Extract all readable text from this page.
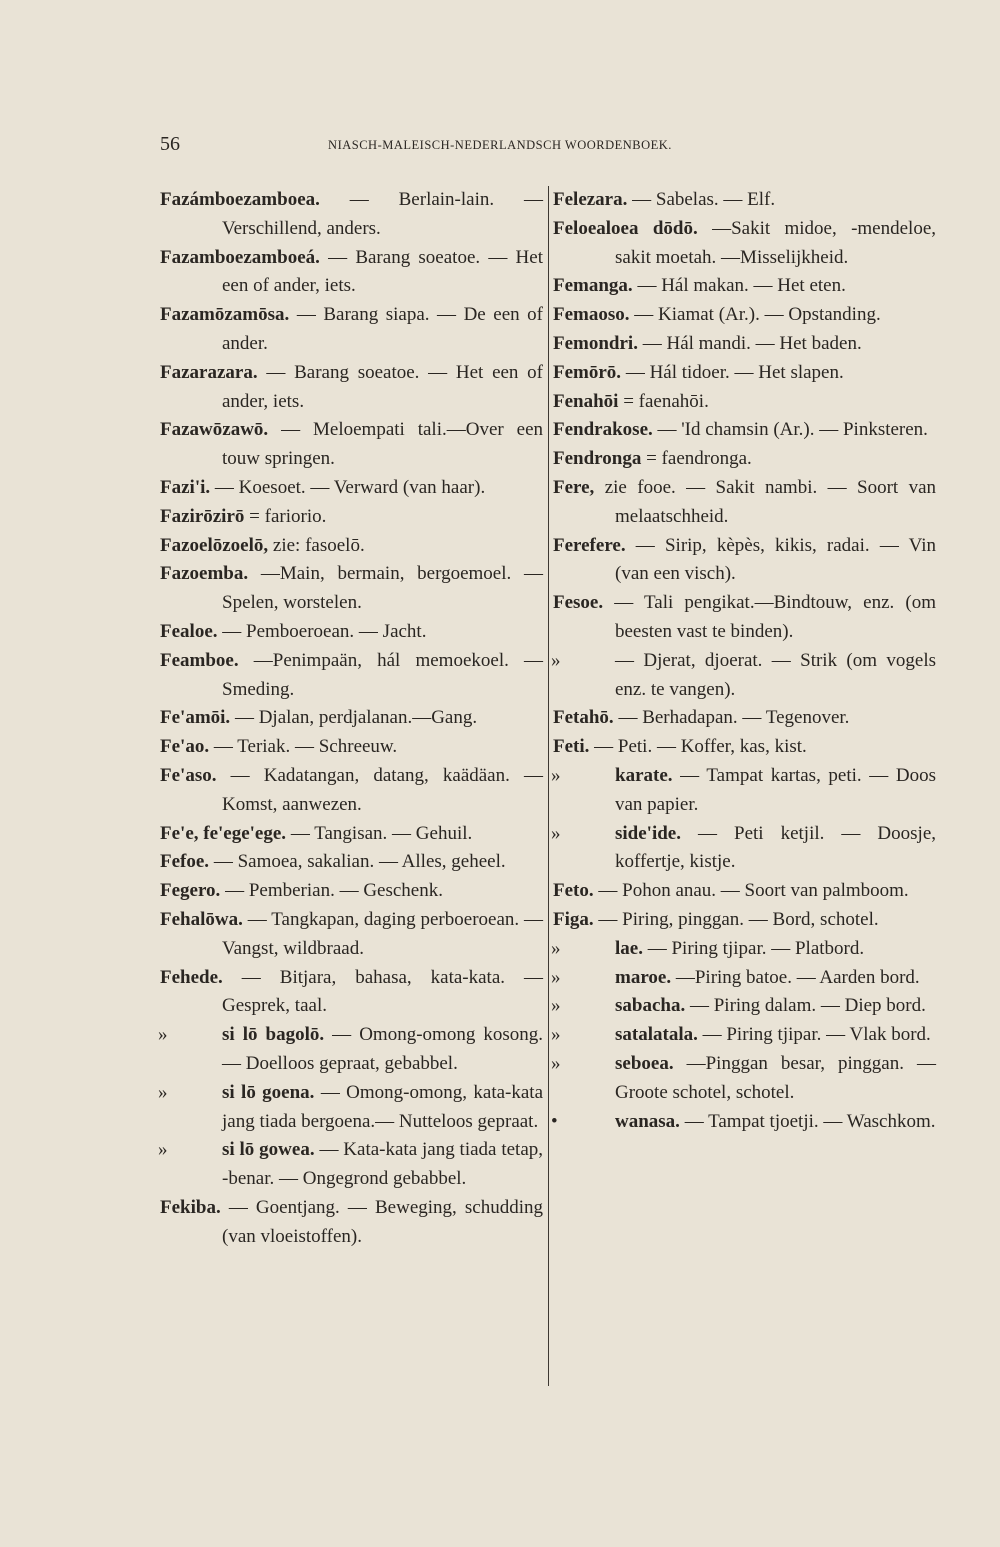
56	NIASCH-MALEISCH-NEDERLANDSCH WOORDENBOEK.
Fazámboezamboea. — Berlain-lain. — Verschillend, anders.
Fazamboezamboeá. — Barang soeatoe. — Het een of ander, iets.
Fazamōzamōsa. — Barang siapa. — De een of ander.
Fazarazara. — Barang soeatoe. — Het een of ander, iets.
Fazawōzawō. — Meloempati tali.—Over een touw springen.
Fazi'i. — Koesoet. — Verward (van haar).
Fazirōzirō = fariorio.
Fazoelōzoelō, zie: fasoelō.
Fazoemba. —Main, bermain, bergoemoel. — Spelen, worstelen.
Fealoe. — Pemboeroean. — Jacht.
Feamboe. —Penimpaän, hál memoekoel. — Smeding.
Fe'amōi. — Djalan, perdjalanan.—Gang.
Fe'ao. — Teriak. — Schreeuw.
Fe'aso. — Kadatangan, datang, kaädäan. — Komst, aanwezen.
Fe'e, fe'ege'ege. — Tangisan. — Gehuil.
Fefoe. — Samoea, sakalian. — Alles, geheel.
Fegero. — Pemberian. — Geschenk.
Fehalōwa. — Tangkapan, daging perboeroean. — Vangst, wildbraad.
Fehede. — Bitjara, bahasa, kata-kata. — Gesprek, taal.
»	si lō bagolō. — Omong-omong kosong. — Doelloos gepraat, gebabbel.
»	si lō goena. — Omong-omong, kata-kata jang tiada bergoena.— Nutteloos gepraat.
»	si lō gowea. — Kata-kata jang tiada tetap, -benar. — Ongegrond gebabbel.
Fekiba. — Goentjang. — Beweging, schudding (van vloeistoffen).
Felezara. — Sabelas. — Elf.
Feloealoea dōdō. —Sakit midoe, -mendeloe, sakit moetah. —Misselijkheid.
Femanga. — Hál makan. — Het eten.
Femaoso. — Kiamat (Ar.). — Opstanding.
Femondri. — Hál mandi. — Het baden.
Femōrō. — Hál tidoer. — Het slapen.
Fenahōi = faenahōi.
Fendrakose. — 'Id chamsin (Ar.). — Pinksteren.
Fendronga = faendronga.
Fere, zie fooe. — Sakit nambi. — Soort van melaatschheid.
Ferefere. — Sirip, kèpès, kikis, radai. — Vin (van een visch).
Fesoe. — Tali pengikat.—Bindtouw, enz. (om beesten vast te binden).
»	— Djerat, djoerat. — Strik (om vogels enz. te vangen).
Fetahō. — Berhadapan. — Tegenover.
Feti. — Peti. — Koffer, kas, kist.
»	karate. — Tampat kartas, peti. — Doos van papier.
»	side'ide. — Peti ketjil. — Doosje, koffertje, kistje.
Feto. — Pohon anau. — Soort van palmboom.
Figa. — Piring, pinggan. — Bord, schotel.
»	lae. — Piring tjipar. — Platbord.
»	maroe. —Piring batoe. — Aarden bord.
»	sabacha. — Piring dalam. — Diep bord.
»	satalatala. — Piring tjipar. — Vlak bord.
»	seboea. —Pinggan besar, pinggan. — Groote schotel, schotel.
•	wanasa. — Tampat tjoetji. — Waschkom.
